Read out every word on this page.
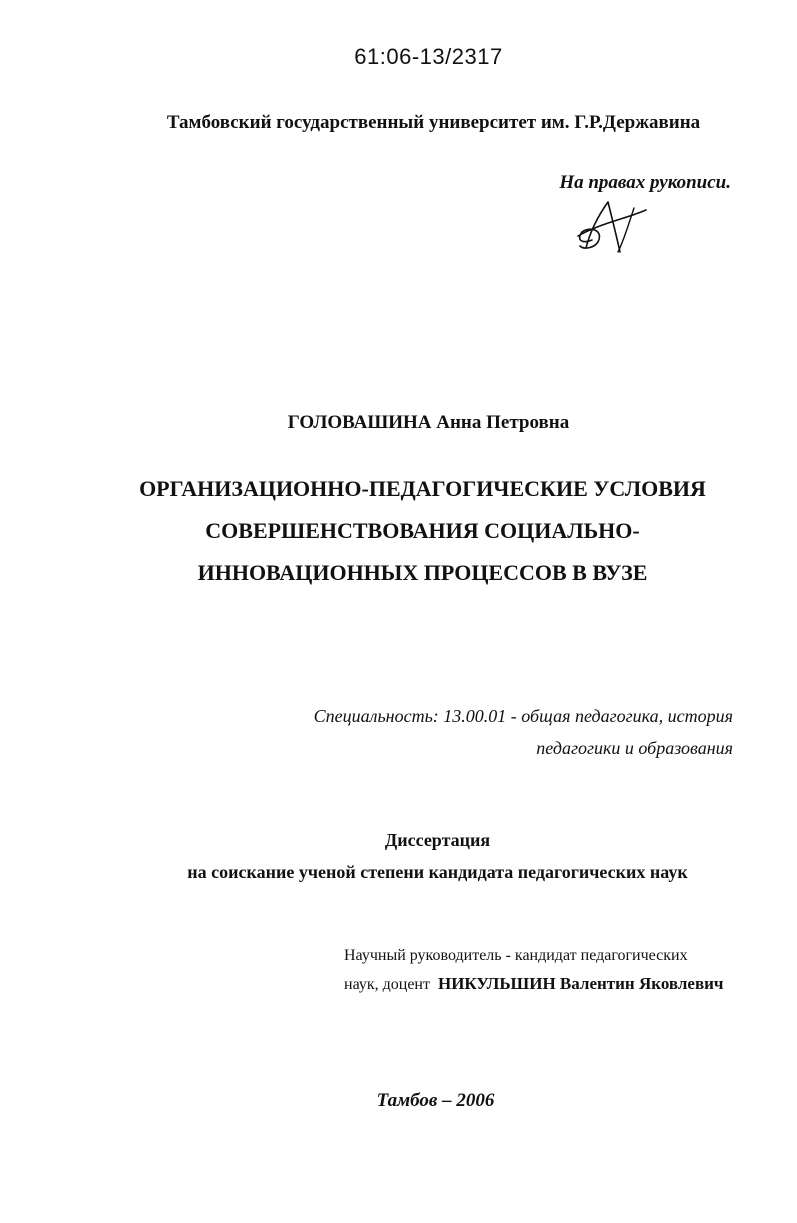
61:06-13/2317
Тамбовский государственный университет им. Г.Р.Державина
На правах рукописи.
ГОЛОВАШИНА Анна Петровна
ОРГАНИЗАЦИОННО-ПЕДАГОГИЧЕСКИЕ УСЛОВИЯ
СОВЕРШЕНСТВОВАНИЯ СОЦИАЛЬНО-
ИННОВАЦИОННЫХ ПРОЦЕССОВ В ВУЗЕ
Специальность: 13.00.01 - общая педагогика, история
педагогики и образования
Диссертация
на соискание ученой степени кандидата педагогических наук
Научный руководитель - кандидат педагогических
наук, доцент НИКУЛЬШИН Валентин Яковлевич
Тамбов – 2006
